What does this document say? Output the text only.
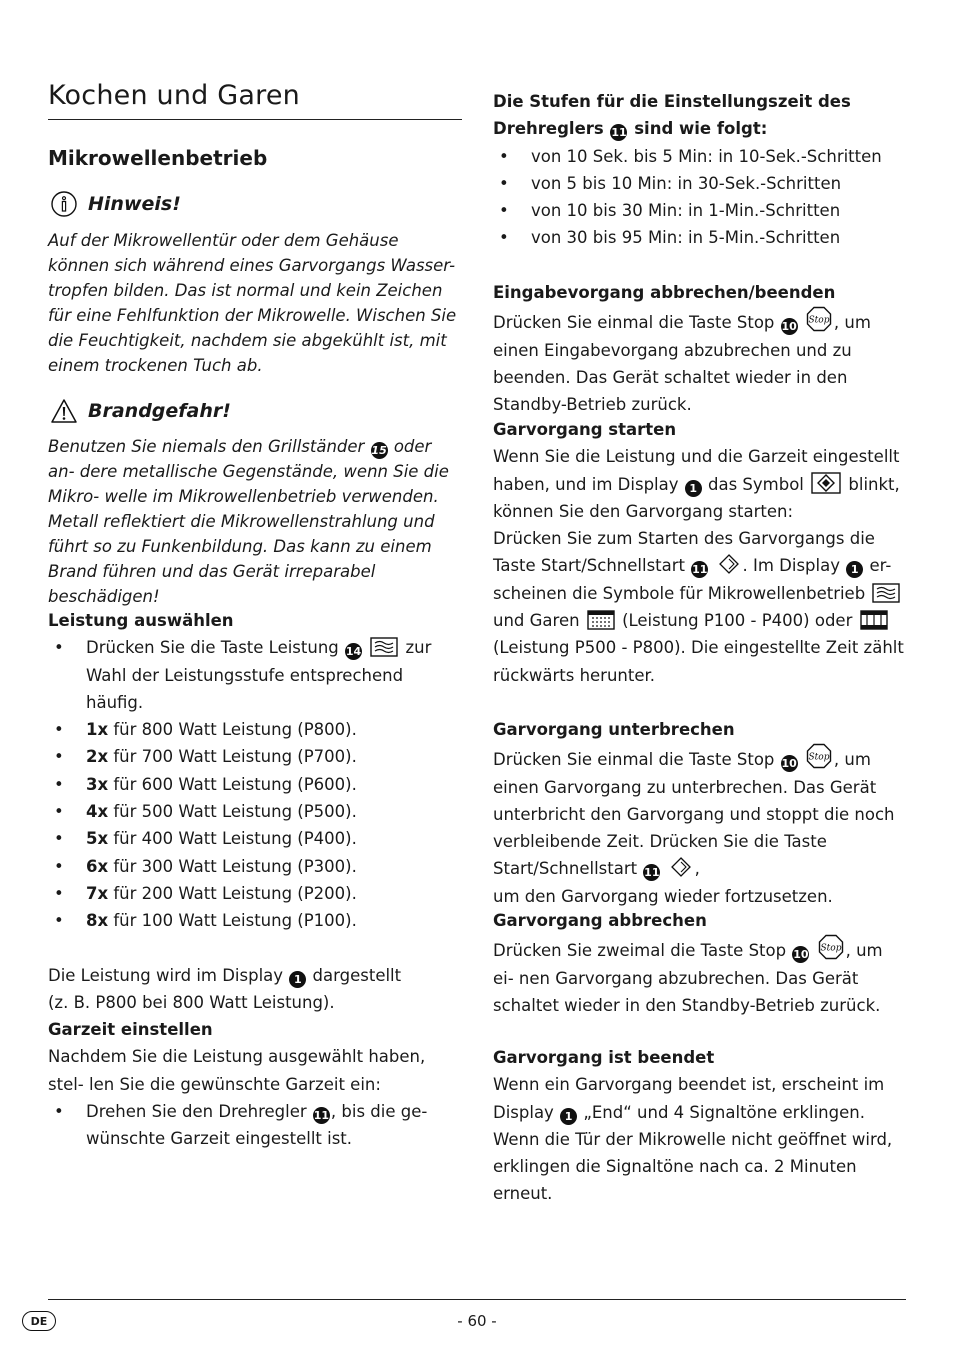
Kochen und Garen
Mikrowellenbetrieb
Hinweis!

Auf der Mikrowellentür oder dem Gehäuse können sich während eines Garvorgangs Wasser- tropfen bilden. Das ist normal und kein Zeichen für eine Fehlfunktion der Mikrowelle. Wischen Sie die Feuchtigkeit, nachdem sie abgekühlt ist, mit einem trockenen Tuch ab.

Brandgefahr!

Benutzen Sie niemals den Grillständer 15 oder an- dere metallische Gegenstände, wenn Sie die Mikro- welle im Mikrowellenbetrieb verwenden. Metall reflektiert die Mikrowellenstrahlung und führt so zu Funkenbildung. Das kann zu einem Brand führen und das Gerät irreparabel beschädigen!

Leistung auswählen
• Drücken Sie die Taste Leistung 14	zur Wahl der Leistungsstufe entsprechend häufig.
• 1x für 800 Watt Leistung (P800).
• 2x für 700 Watt Leistung (P700).
• 3x für 600 Watt Leistung (P600).
• 4x für 500 Watt Leistung (P500).
• 5x für 400 Watt Leistung (P400).
• 6x für 300 Watt Leistung (P300).
• 7x für 200 Watt Leistung (P200).
• 8x für 100 Watt Leistung (P100).

Die Leistung wird im Display 1 dargestellt
(z. B. P800 bei 800 Watt Leistung).

Garzeit einstellen

Nachdem Sie die Leistung ausgewählt haben, stel- len Sie die gewünschte Garzeit ein:

• Drehen Sie den Drehregler 11 , bis die ge- wünschte Garzeit eingestellt ist.
Die Stufen für die Einstellungszeit des Drehreglers 11 sind wie folgt:
• von 10 Sek. bis 5 Min: in 10-Sek.-Schritten
• von 5 bis 10 Min: in 30-Sek.-Schritten
• von 10 bis 30 Min: in 1-Min.-Schritten
• von 30 bis 95 Min: in 5-Min.-Schritten
Eingabevorgang abbrechen/beenden

Drücken Sie einmal die Taste Stop 10 Stop , um einen Eingabevorgang abzubrechen und zu beenden. Das Gerät schaltet wieder in den Standby-Betrieb zurück.

Garvorgang starten

Wenn Sie die Leistung und die Garzeit eingestellt haben, und im Display 1 das Symbol	blinkt, können Sie den Garvorgang starten:

Drücken Sie zum Starten des Garvorgangs die Taste Start/Schnellstart 11 . Im Display 1 er- scheinen die Symbole für Mikrowellenbetrieb  und Garen	(Leistung P100 - P400) oder  (Leistung P500 - P800). Die eingestellte Zeit zählt rückwärts herunter.

Garvorgang unterbrechen

Drücken Sie einmal die Taste Stop 10 Stop , um einen Garvorgang zu unterbrechen. Das Gerät unterbricht den Garvorgang und stoppt die noch verbleibende Zeit. Drücken Sie die Taste Start/Schnellstart 11 ,
um den Garvorgang wieder fortzusetzen.

Garvorgang abbrechen

Drücken Sie zweimal die Taste Stop 10 Stop , um ei- nen Garvorgang abzubrechen. Das Gerät schaltet wieder in den Standby-Betrieb zurück.

Garvorgang ist beendet

Wenn ein Garvorgang beendet ist, erscheint im Display 1 „End“ und 4 Signaltöne erklingen. Wenn die Tür der Mikrowelle nicht geöffnet wird, erklingen die Signaltöne nach ca. 2 Minuten erneut.

DE	- 60 -
